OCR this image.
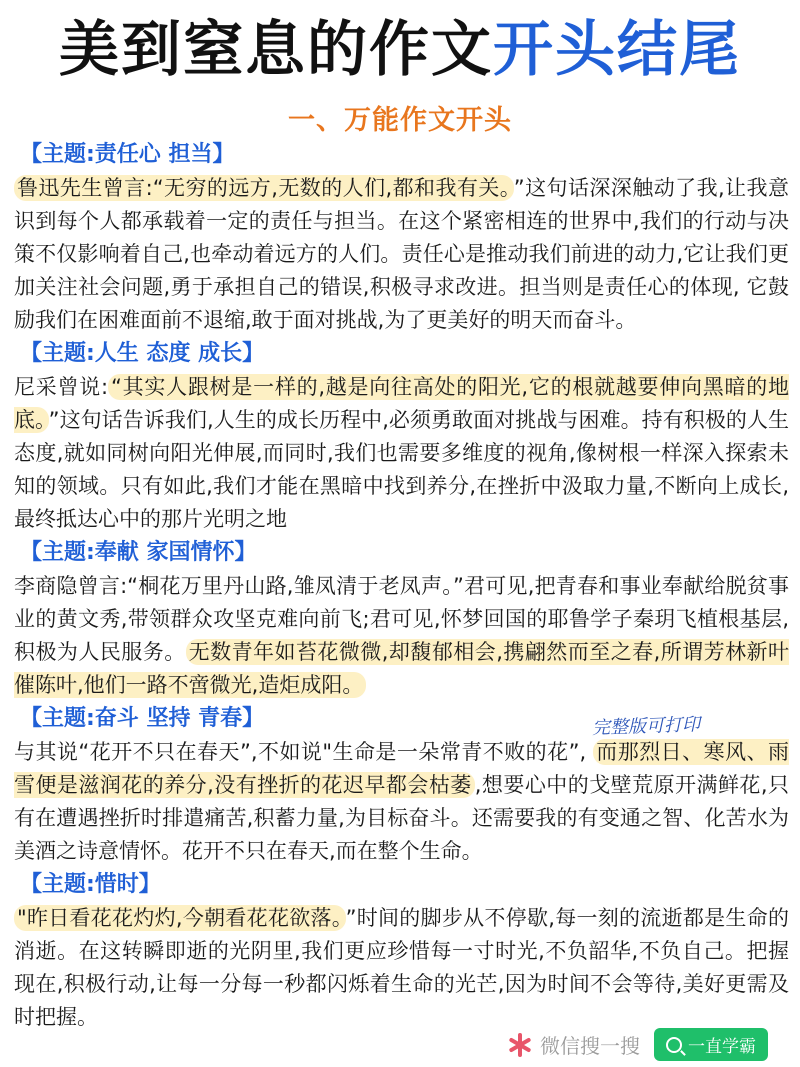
美到窒息的作文开头结尾
一、万能作文开头
【主题:责任心 担当】

鲁迅先生曾言:“无穷的远方,无数的人们,都和我有关。 ”这句话深深触动了我,让我意识到每个人都承载着一定的责任与担当。在这个紧密相连的世界中,我们的行动与决策不仅影响着自己,也牵动着远方的人们。责任心是推动我们前进的动力,它让我们更加关注社会问题,勇于承担自己的错误,积极寻求改进。担当则是责任心的体现, 它鼓励我们在困难面前不退缩,敢于面对挑战,为了更美好的明天而奋斗。

【主题:人生 态度 成长】

尼采曾说: “其实人跟树是一样的,越是向往高处的阳光,它的根就越要伸向黑暗的地底。 ”这句话告诉我们,人生的成长历程中,必须勇敢面对挑战与困难。持有积极的人生态度,就如同树向阳光伸展,而同时,我们也需要多维度的视角,像树根一样深入探索未知的领域。只有如此,我们才能在黑暗中找到养分,在挫折中汲取力量,不断向上成长,最终抵达心中的那片光明之地

【主题:奉献 家国情怀】

李商隐曾言:“桐花万里丹山路,雏凤清于老凤声。”君可见,把青春和事业奉献给脱贫事业的黄文秀,带领群众攻坚克难向前飞;君可见,怀梦回国的耶鲁学子秦玥飞植根基层,积极为人民服务。 无数青年如苔花微微,却馥郁相会,携翩然而至之春,所谓芳林新叶催陈叶,他们一路不啻微光,造炬成阳。

【主题:奋斗 坚持 青春】

与其说“花开不只在春天”,不如说"生命是一朵常青不败的花”, 而那烈日、寒风、雨雪便是滋润花的养分,没有挫折的花迟早都会枯萎 ,想要心中的戈壁荒原开满鲜花,只有在遭遇挫折时排遣痛苦,积蓄力量,为目标奋斗。还需要我的有变通之智、化苦水为美酒之诗意情怀。花开不只在春天,而在整个生命。

【主题:惜时】

"昨日看花花灼灼,今朝看花花欲落。 ”时间的脚步从不停歇,每一刻的流逝都是生命的消逝。在这转瞬即逝的光阴里,我们更应珍惜每一寸时光,不负韶华,不负自己。把握现在,积极行动,让每一分每一秒都闪烁着生命的光芒,因为时间不会等待,美好更需及时把握。

完整版可打印
微信搜一搜	一直学霸
